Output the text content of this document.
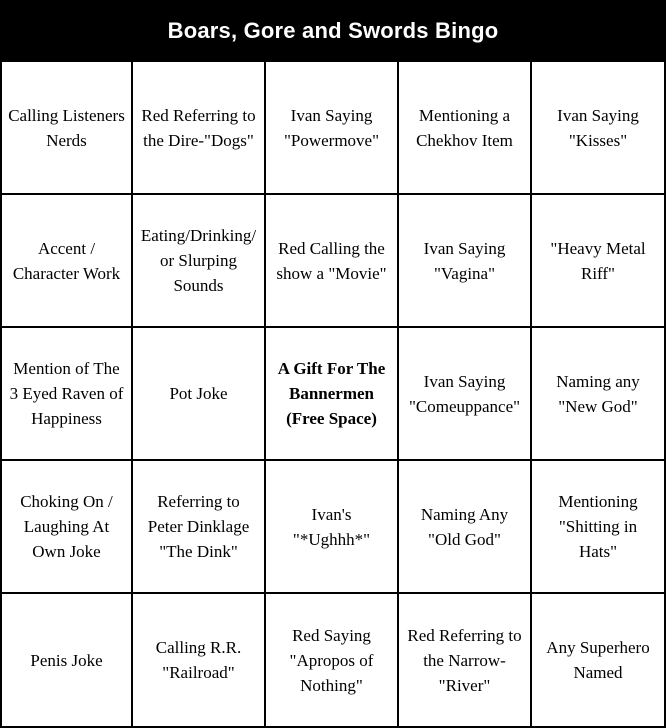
Boars, Gore and Swords Bingo
Calling Listeners
Nerds
Red Referring to
the Dire-"Dogs"
Ivan Saying
"Powermove"
Mentioning a
Chekhov Item
Ivan Saying
"Kisses"
Accent /
Character Work
Eating/Drinking/
or Slurping
Sounds
Red Calling the
show a "Movie"
Ivan Saying
"Vagina"
"Heavy Metal
Riff"
Mention of The
3 Eyed Raven of
Happiness
Pot Joke
A Gift For The
Bannermen
(Free Space)
Ivan Saying
"Comeuppance"
Naming any
"New God"
Choking On /
Laughing At
Own Joke
Referring to
Peter Dinklage
"The Dink"
Ivan's
"*Ughhh*"
Naming Any
"Old God"
Mentioning
"Shitting in
Hats"
Penis Joke
Calling R.R.
"Railroad"
Red Saying
"Apropos of
Nothing"
Red Referring to
the Narrow-
"River"
Any Superhero
Named
